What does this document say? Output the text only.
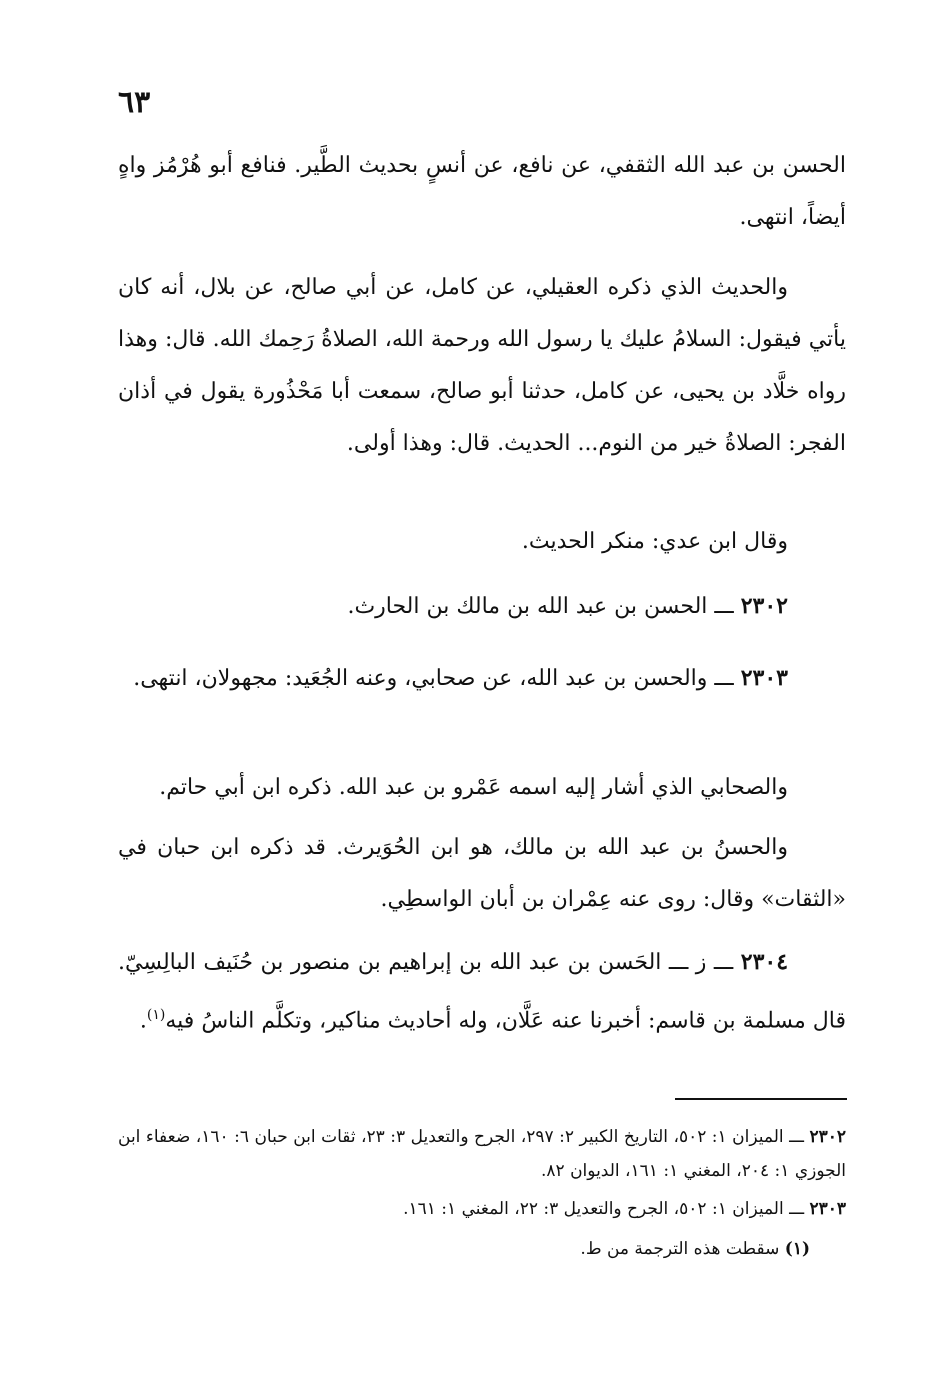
٦٣

الحسن بن عبد الله الثقفي، عن نافع، عن أنسٍ بحديث الطَّير. فنافع أبو هُرْمُز واهٍ أيضاً، انتهى.

والحديث الذي ذكره العقيلي، عن كامل، عن أبي صالح، عن بلال، أنه كان يأتي فيقول: السلامُ عليك يا رسول الله ورحمة الله، الصلاةُ رَحِمك الله. قال: وهذا رواه خلَّاد بن يحيى، عن كامل، حدثنا أبو صالح، سمعت أبا مَحْذُورة يقول في أذان الفجر: الصلاةُ خير من النوم... الحديث. قال: وهذا أولى.

وقال ابن عدي: منكر الحديث.

٢٣٠٢ ـــ الحسن بن عبد الله بن مالك بن الحارث.

٢٣٠٣ ـــ والحسن بن عبد الله، عن صحابي، وعنه الجُعَيد: مجهولان، انتهى.

والصحابي الذي أشار إليه اسمه عَمْرو بن عبد الله. ذكره ابن أبي حاتم.

والحسنُ بن عبد الله بن مالك، هو ابن الحُوَيرث. قد ذكره ابن حبان في «الثقات» وقال: روى عنه عِمْران بن أبان الواسطِي.

٢٣٠٤ ـــ ز ـــ الحَسن بن عبد الله بن إبراهيم بن منصور بن حُنَيف البالِسِيّ. قال مسلمة بن قاسم: أخبرنا عنه عَلَّان، وله أحاديث مناكير، وتكلَّم الناسُ فيه$^{(١)}$.

٢٣٠٢ ـــ الميزان ١: ٥٠٢، التاريخ الكبير ٢: ٢٩٧، الجرح والتعديل ٣: ٢٣، ثقات ابن حبان ٦: ١٦٠، ضعفاء ابن الجوزي ١: ٢٠٤، المغني ١: ١٦١، الديوان ٨٢.

٢٣٠٣ ـــ الميزان ١: ٥٠٢، الجرح والتعديل ٣: ٢٢، المغني ١: ١٦١.

(١) سقطت هذه الترجمة من ط.
